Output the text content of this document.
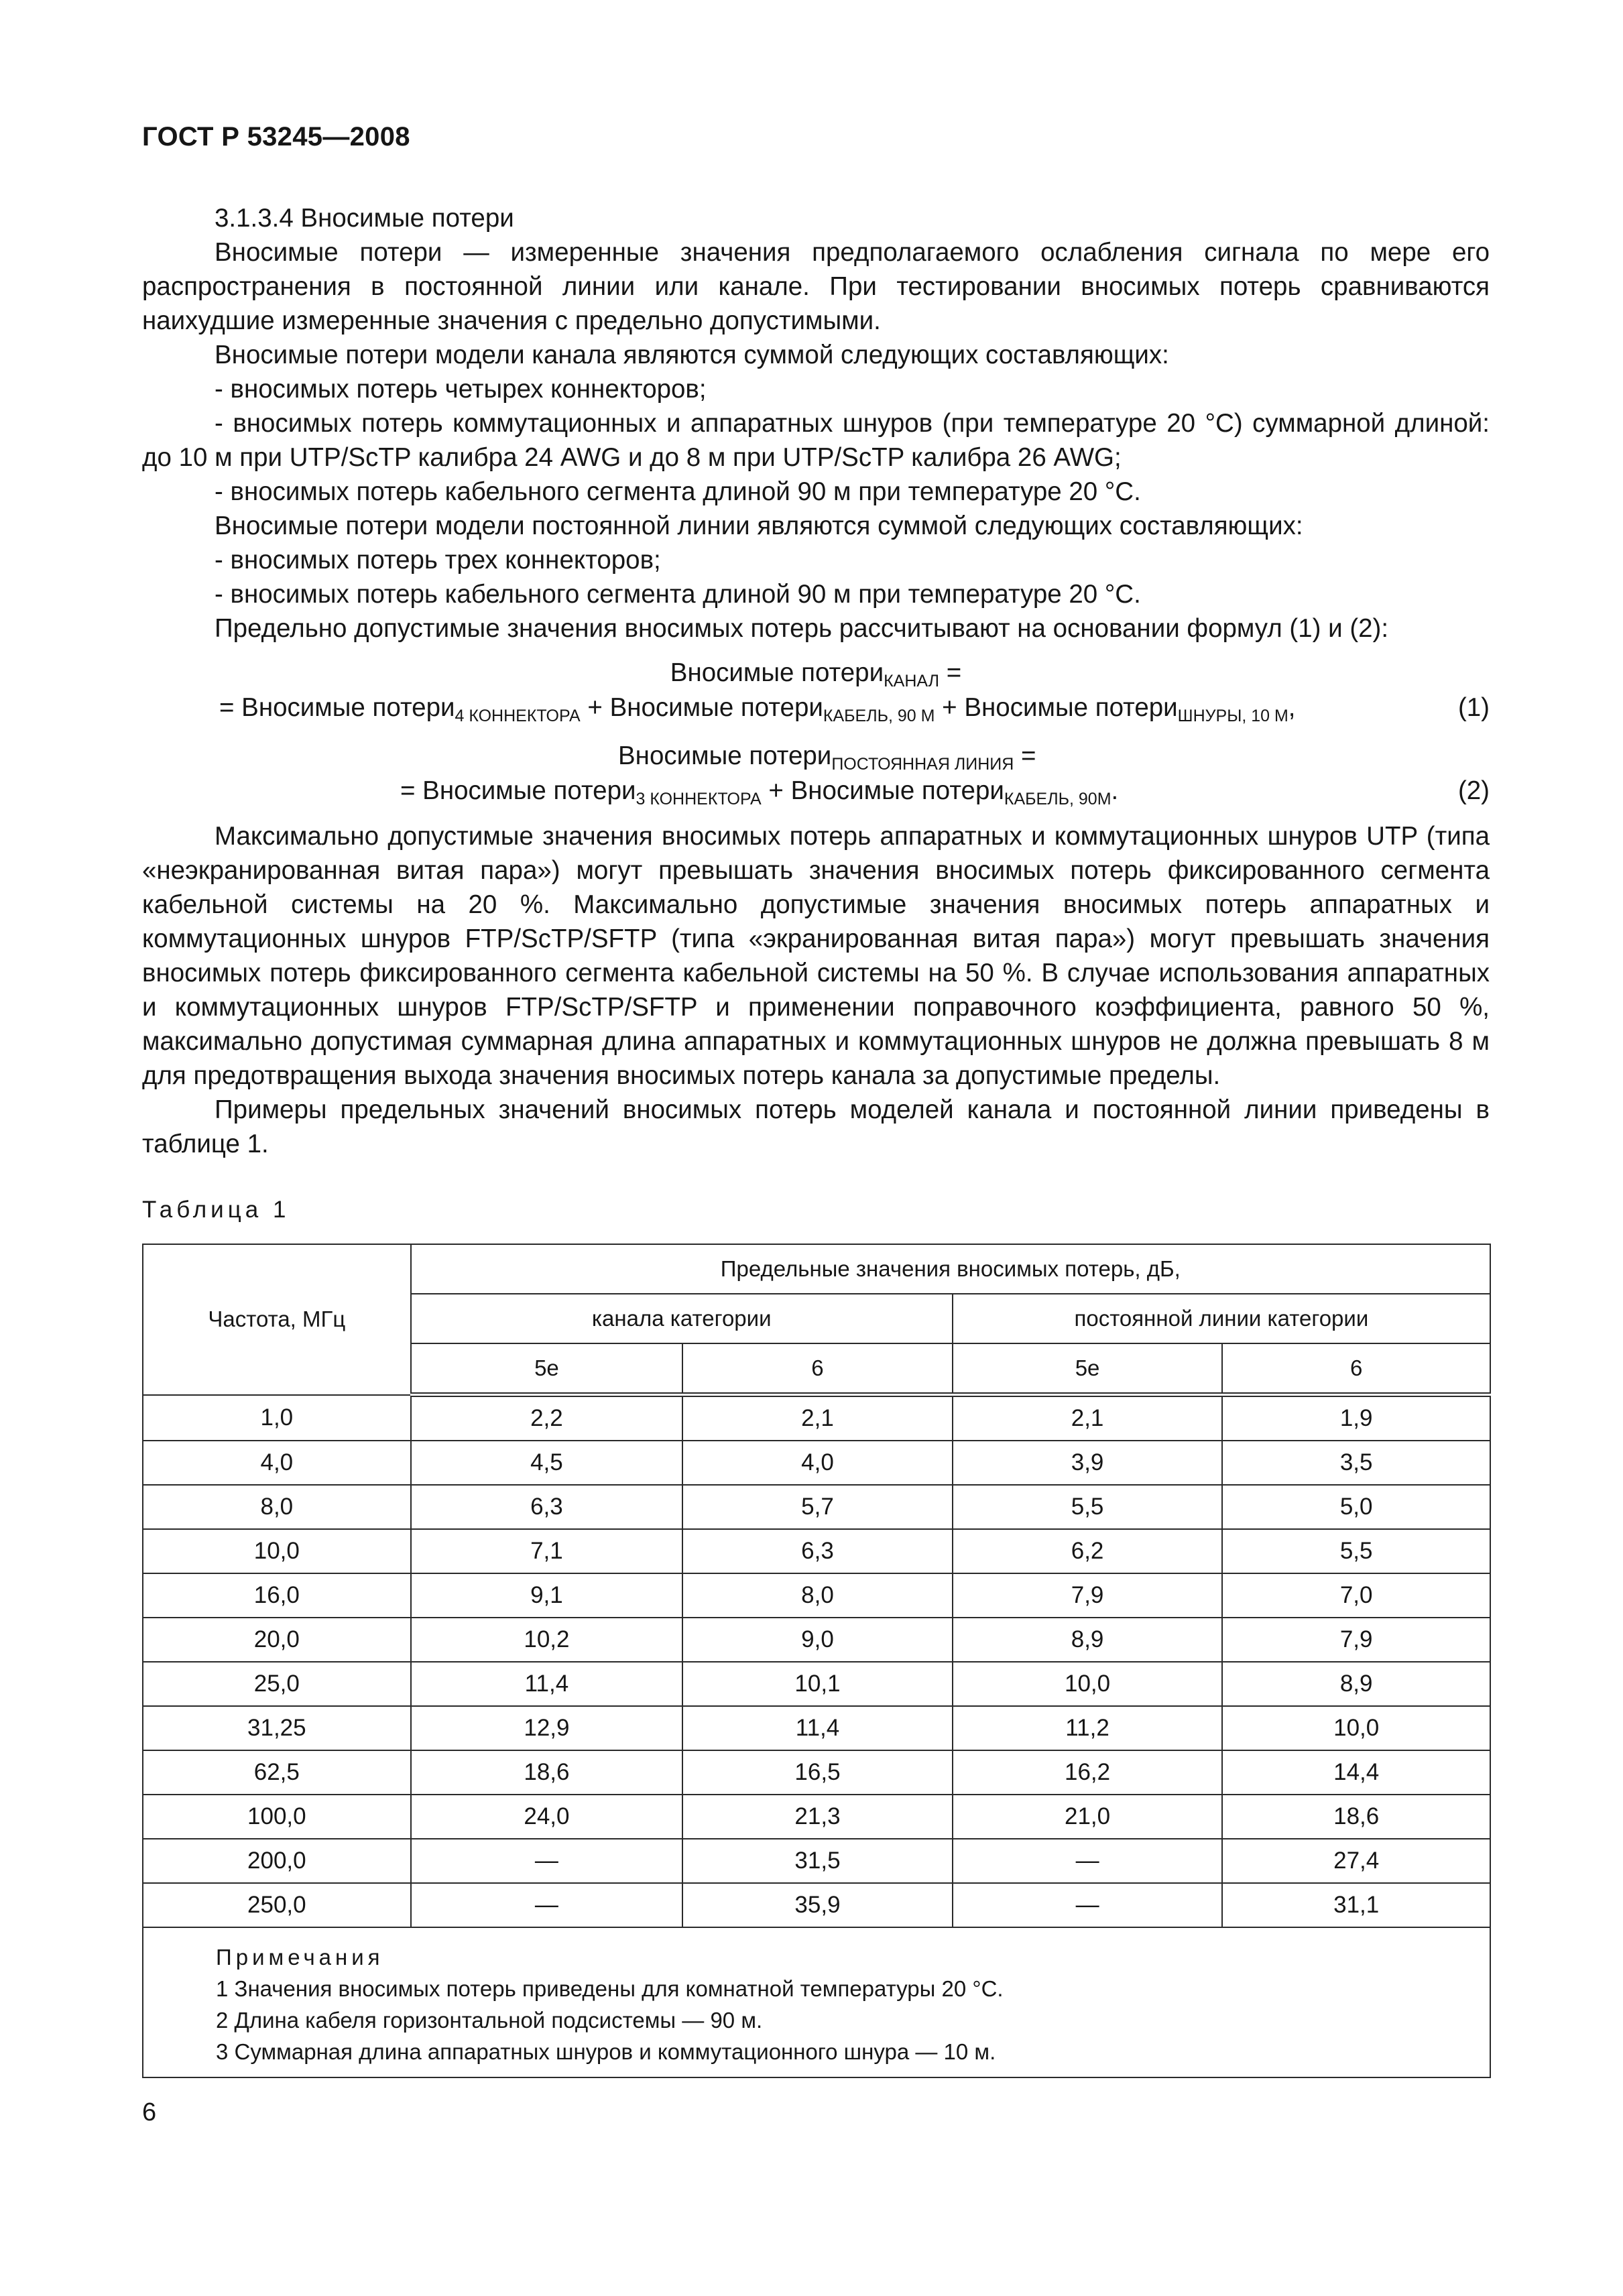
ГОСТ Р 53245—2008

3.1.3.4 Вносимые потери

Вносимые потери — измеренные значения предполагаемого ослабления сигнала по мере его распространения в постоянной линии или канале. При тестировании вносимых потерь сравниваются наихудшие измеренные значения с предельно допустимыми.

Вносимые потери модели канала являются суммой следующих составляющих:

- вносимых потерь четырех коннекторов;

- вносимых потерь коммутационных и аппаратных шнуров (при температуре 20 °С) суммарной длиной: до 10 м при UTP/ScTP калибра 24 AWG и до 8 м при UTP/ScTP калибра 26 AWG;

- вносимых потерь кабельного сегмента длиной 90 м при температуре 20 °С.

Вносимые потери модели постоянной линии являются суммой следующих составляющих:

- вносимых потерь трех коннекторов;

- вносимых потерь кабельного сегмента длиной 90 м при температуре 20 °С.

Предельно допустимые значения вносимых потерь рассчитывают на основании формул (1) и (2):

Вносимые потери$_{КАНАЛ}$ =
= Вносимые потери$_{4 КОННЕКТОРА}$ + Вносимые потери$_{КАБЕЛЬ, 90 М}$ + Вносимые потери$_{ШНУРЫ, 10 М}$,	(1)
Вносимые потери$_{ПОСТОЯННАЯ ЛИНИЯ}$ =
= Вносимые потери$_{3 КОННЕКТОРА}$ + Вносимые потери$_{КАБЕЛЬ, 90М}$.	(2)

Максимально допустимые значения вносимых потерь аппаратных и коммутационных шнуров UTP (типа «неэкранированная витая пара») могут превышать значения вносимых потерь фиксированного сегмента кабельной системы на 20 %. Максимально допустимые значения вносимых потерь аппаратных и коммутационных шнуров FTP/ScTP/SFTP (типа «экранированная витая пара») могут превышать значения вносимых потерь фиксированного сегмента кабельной системы на 50 %. В случае использования аппаратных и коммутационных шнуров FTP/ScTP/SFTP и применении поправочного коэффициента, равного 50 %, максимально допустимая суммарная длина аппаратных и коммутационных шнуров не должна превышать 8 м для предотвращения выхода значения вносимых потерь канала за допустимые пределы.

Примеры предельных значений вносимых потерь моделей канала и постоянной линии приведены в таблице 1.

Таблица 1
Частота, МГц	Предельные значения вносимых потерь, дБ,			
	канала категории		постоянной линии категории	
	5e	6	5e	6
1,0	2,2	2,1	2,1	1,9
4,0	4,5	4,0	3,9	3,5
8,0	6,3	5,7	5,5	5,0
10,0	7,1	6,3	6,2	5,5
16,0	9,1	8,0	7,9	7,0
20,0	10,2	9,0	8,9	7,9
25,0	11,4	10,1	10,0	8,9
31,25	12,9	11,4	11,2	10,0
62,5	18,6	16,5	16,2	14,4
100,0	24,0	21,3	21,0	18,6
200,0	—	31,5	—	27,4
250,0	—	35,9	—	31,1

Примечания
1 Значения вносимых потерь приведены для комнатной температуры 20 °С.
2 Длина кабеля горизонтальной подсистемы — 90 м.
3 Суммарная длина аппаратных шнуров и коммутационного шнура — 10 м.				
6
